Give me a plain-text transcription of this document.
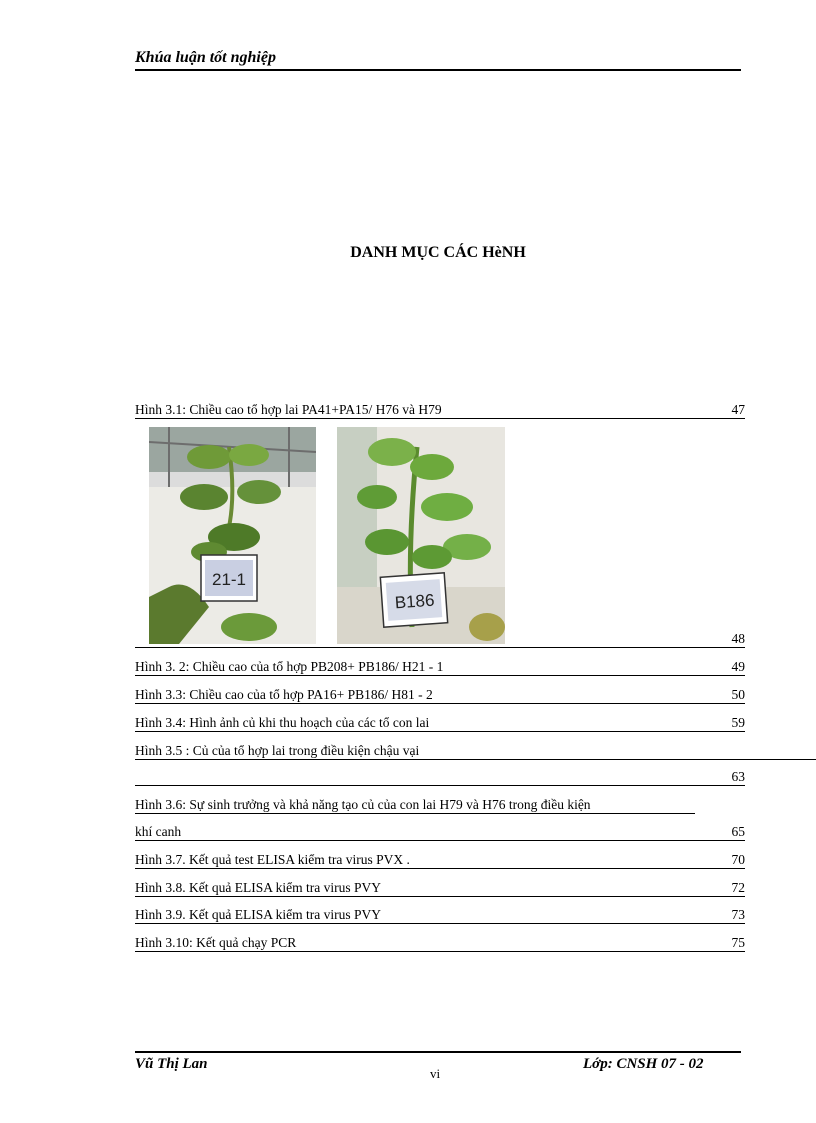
Khúa luận tốt nghiệp
DANH MỤC CÁC HèNH
Hình 3.1: Chiều cao tổ hợp lai PA41+PA15/ H76 và H79	47
21-1
B186
48
Hình 3. 2: Chiều cao của tổ hợp PB208+ PB186/ H21 - 1	49
Hình 3.3: Chiều cao của tổ hợp PA16+ PB186/ H81 - 2	50
Hình 3.4: Hình ảnh củ khi thu hoạch của các tổ con lai	59
Hình 3.5 : Củ của tổ hợp lai trong điều kiện chậu vại
63
Hình 3.6: Sự sinh trưởng và khả năng tạo củ của con lai H79 và H76 trong điều kiện
khí canh	65
Hình 3.7. Kết quả test ELISA kiểm tra virus PVX .	70
Hình 3.8. Kết quả ELISA kiểm tra virus PVY	72
Hình 3.9. Kết quả ELISA kiểm tra virus PVY	73
Hình 3.10: Kết quả chạy PCR	75
Vũ Thị Lan
vi
Lớp: CNSH 07 - 02
